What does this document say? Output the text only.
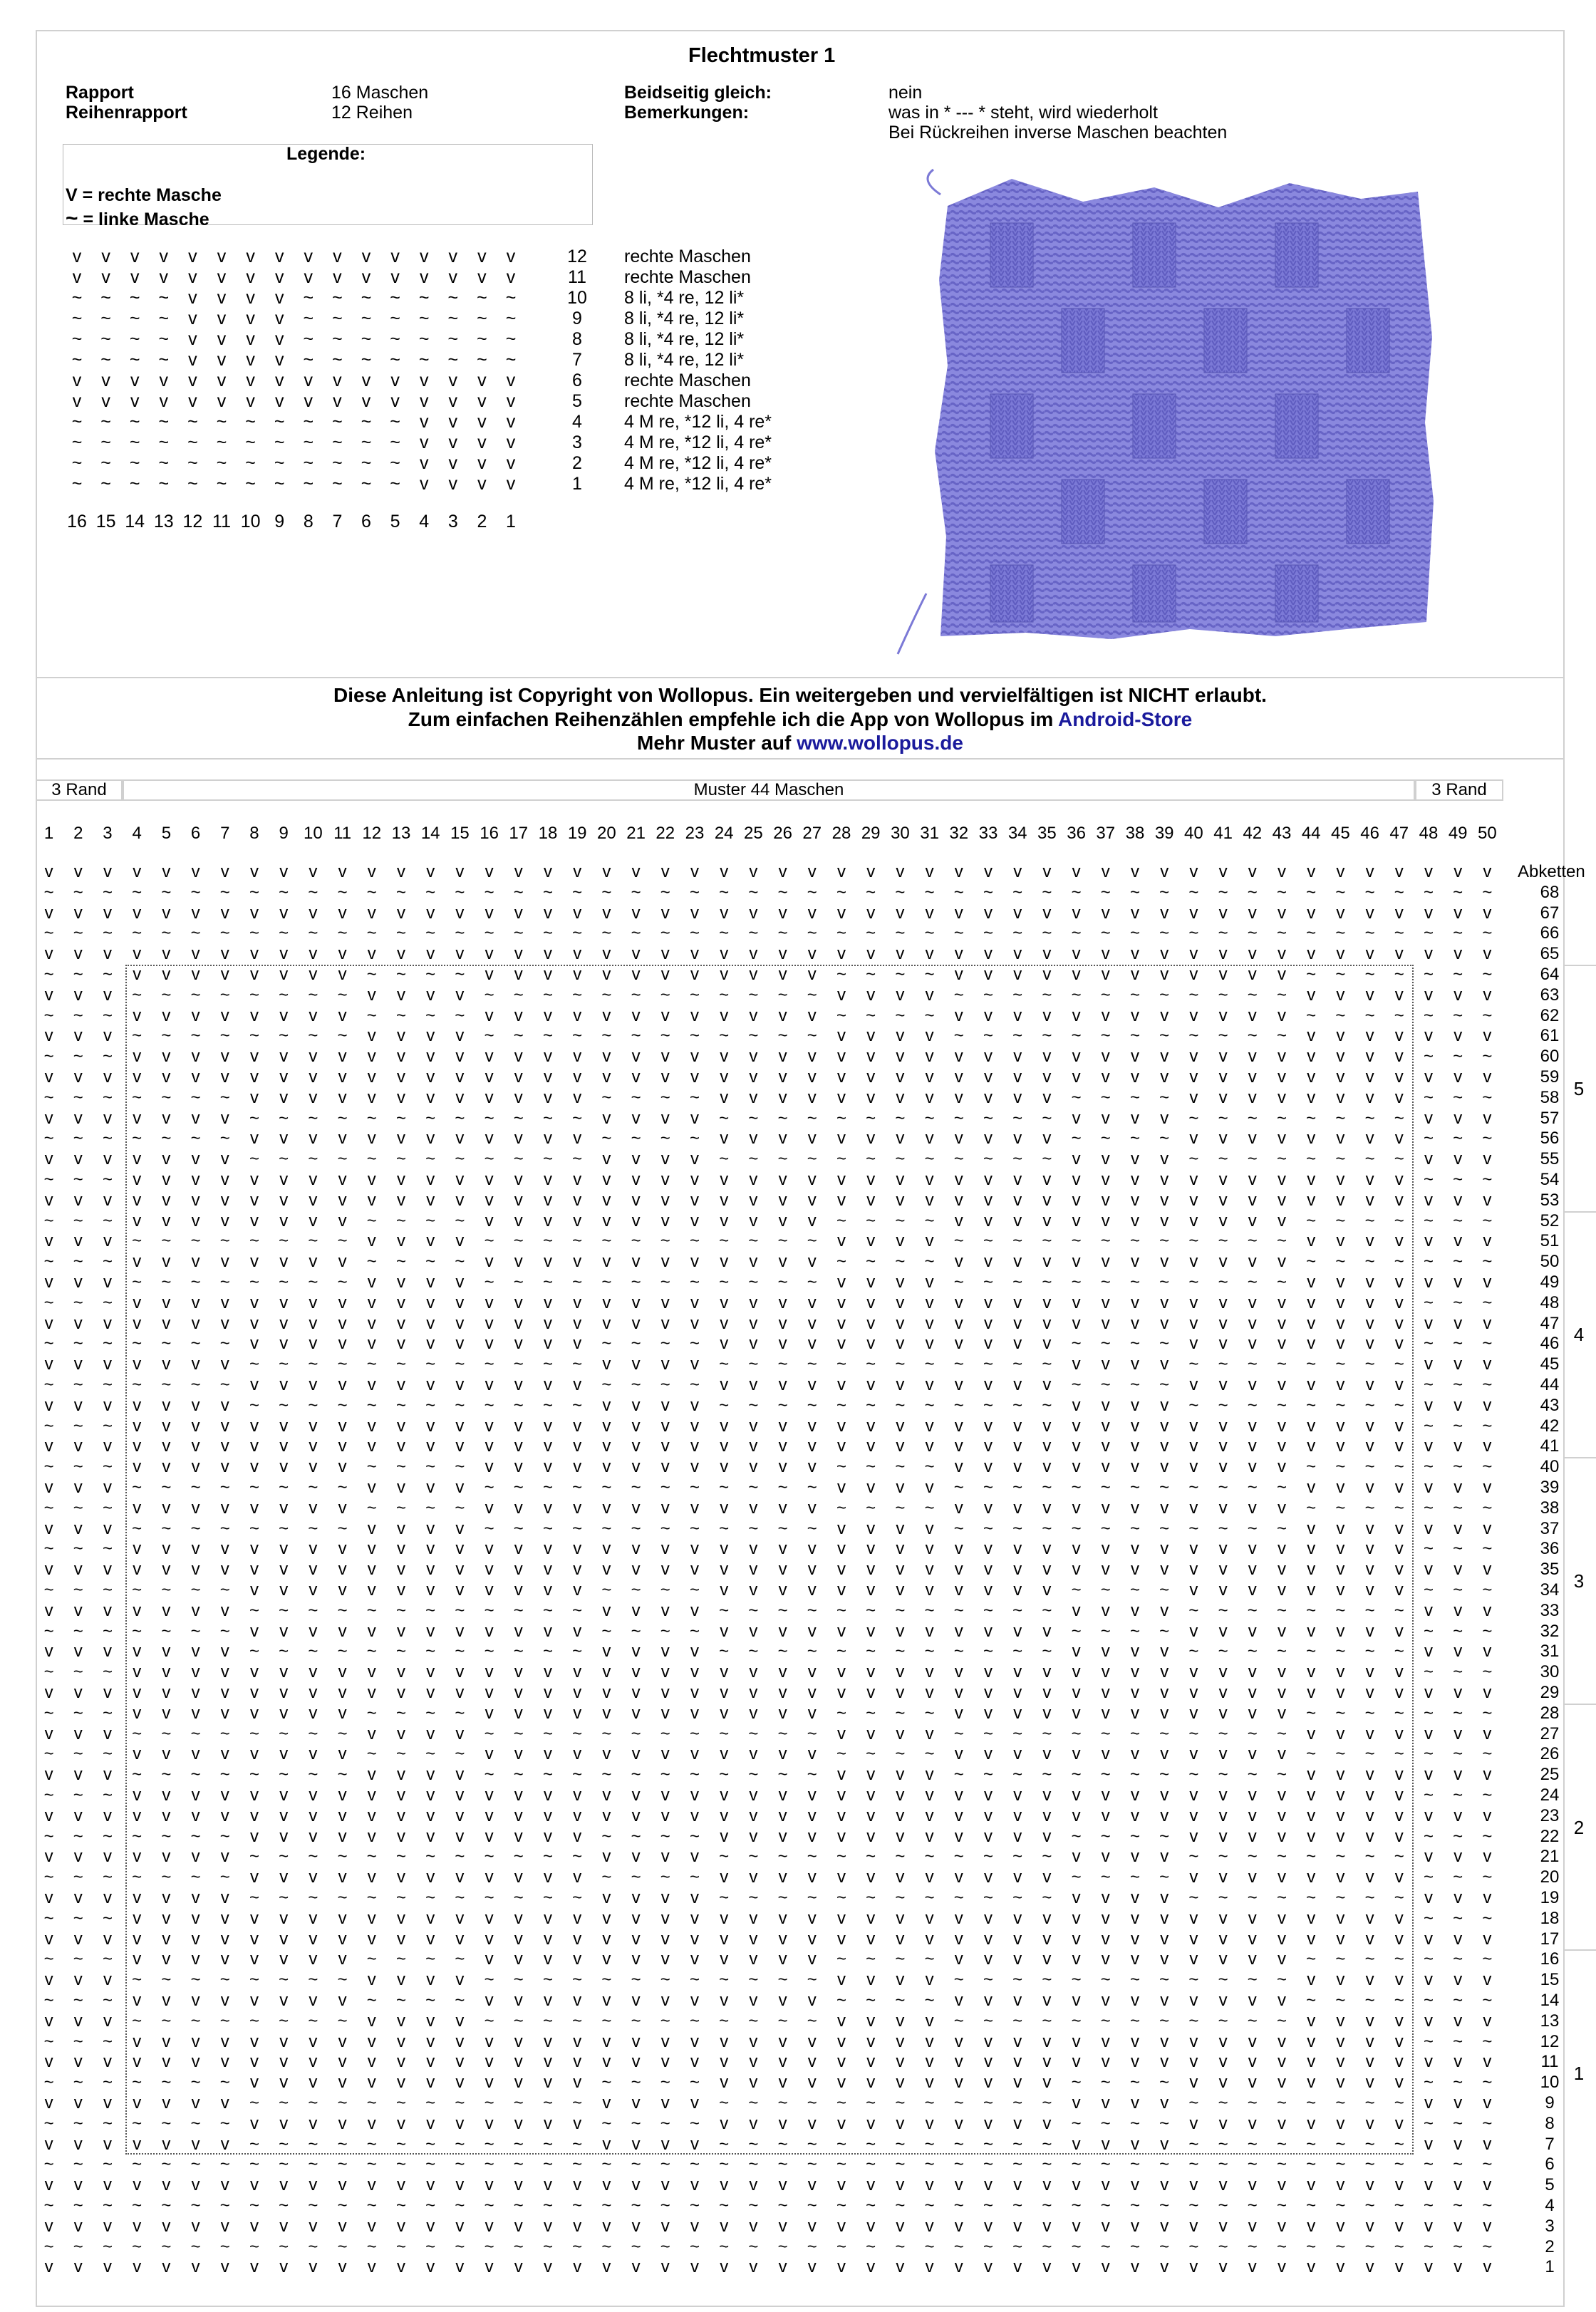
Flechtmuster 1
Rapport	16 Maschen
Reihenrapport	12 Reihen
Beidseitig gleich:	nein
Bemerkungen:	was in * --- * steht, wird wiederholt
Bei Rückreihen inverse Maschen beachten
Legende:
V = rechte Masche
~ = linke Masche
v	v	v	v	v	v	v	v	v	v	v	v	v	v	v	v	12 rechte Maschen
v	v	v	v	v	v	v	v	v	v	v	v	v	v	v	v	11 rechte Maschen
~	~	~	~	v	v	v	v	~	~	~	~	~	~	~	~	10 8 li, *4 re, 12 li*
~	~	~	~	v	v	v	v	~	~	~	~	~	~	~	~	9	8 li, *4 re, 12 li*
~	~	~	~	v	v	v	v	~	~	~	~	~	~	~	~	8	8 li, *4 re, 12 li*
~	~	~	~	v	v	v	v	~	~	~	~	~	~	~	~	7	8 li, *4 re, 12 li*
v	v	v	v	v	v	v	v	v	v	v	v	v	v	v	v	6	rechte Maschen
v	v	v	v	v	v	v	v	v	v	v	v	v	v	v	v	5	rechte Maschen
~	~	~	~	~	~	~	~	~	~	~	~	v	v	v	v	4	4 M re, *12 li, 4 re*
~	~	~	~	~	~	~	~	~	~	~	~	v	v	v	v	3	4 M re, *12 li, 4 re*
~	~	~	~	~	~	~	~	~	~	~	~	v	v	v	v	2	4 M re, *12 li, 4 re*
~	~	~	~	~	~	~	~	~	~	~	~	v	v	v	v	1	4 M re, *12 li, 4 re*
16 15 14 13 12 11 10 9	8	7	6	5	4	3	2	1
Diese Anleitung ist Copyright von Wollopus. Ein weitergeben und vervielfältigen ist NICHT erlaubt.
Zum einfachen Reihenzählen empfehle ich die App von Wollopus im Android-Store
Mehr Muster auf www.wollopus.de
3 Rand	Muster 44 Maschen	3 Rand
1	2	3	4	5	6	7	8	9 10 11 12 13 14 15 16 17 18 19 20 21 22 23 24 25 26 27 28 29 30 31 32 33 34 35 36 37 38 39 40 41 42 43 44 45 46 47 48 49 50
v	v	v	v	v	v	v	v	v	v	v	v	v	v	v	v	v	v	v	v	v	v	v	v	v	v	v	v	v	v	v	v	v	v	v	v	v	v	v	v	v	v	v	v	v	v	v	v	v	v	Abketten
~	~	~	~	~	~	~	~	~	~	~	~	~	~	~	~	~	~	~	~	~	~	~	~	~	~	~	~	~	~	~	~	~	~	~	~	~	~	~	~	~	~	~	~	~	~	~	~	~	~	68
v	v	v	v	v	v	v	v	v	v	v	v	v	v	v	v	v	v	v	v	v	v	v	v	v	v	v	v	v	v	v	v	v	v	v	v	v	v	v	v	v	v	v	v	v	v	v	v	v	v	67
~	~	~	~	~	~	~	~	~	~	~	~	~	~	~	~	~	~	~	~	~	~	~	~	~	~	~	~	~	~	~	~	~	~	~	~	~	~	~	~	~	~	~	~	~	~	~	~	~	~	66
v	v	v	v	v	v	v	v	v	v	v	v	v	v	v	v	v	v	v	v	v	v	v	v	v	v	v	v	v	v	v	v	v	v	v	v	v	v	v	v	v	v	v	v	v	v	v	v	v	v	65
~	~	~	v	v	v	v	v	v	v	v	~	~	~	~	v	v	v	v	v	v	v	v	v	v	v	v	~	~	~	~	v	v	v	v	v	v	v	v	v	v	v	v	~	~	~	~	~	~	~	64
v	v	v	~	~	~	~	~	~	~	~	v	v	v	v	~	~	~	~	~	~	~	~	~	~	~	~	v	v	v	v	~	~	~	~	~	~	~	~	~	~	~	~	v	v	v	v	v	v	v	63
~	~	~	v	v	v	v	v	v	v	v	~	~	~	~	v	v	v	v	v	v	v	v	v	v	v	v	~	~	~	~	v	v	v	v	v	v	v	v	v	v	v	v	~	~	~	~	~	~	~	62
v	v	v	~	~	~	~	~	~	~	~	v	v	v	v	~	~	~	~	~	~	~	~	~	~	~	~	v	v	v	v	~	~	~	~	~	~	~	~	~	~	~	~	v	v	v	v	v	v	v	61
~	~	~	v	v	v	v	v	v	v	v	v	v	v	v	v	v	v	v	v	v	v	v	v	v	v	v	v	v	v	v	v	v	v	v	v	v	v	v	v	v	v	v	v	v	v	v	~	~	~	60
v	v	v	v	v	v	v	v	v	v	v	v	v	v	v	v	v	v	v	v	v	v	v	v	v	v	v	v	v	v	v	v	v	v	v	v	v	v	v	v	v	v	v	v	v	v	v	v	v	v	59
~	~	~	~	~	~	~	v	v	v	v	v	v	v	v	v	v	v	v	~	~	~	~	v	v	v	v	v	v	v	v	v	v	v	v	~	~	~	~	v	v	v	v	v	v	v	v	~	~	~	58
v	v	v	v	v	v	v	~	~	~	~	~	~	~	~	~	~	~	~	v	v	v	v	~	~	~	~	~	~	~	~	~	~	~	~	v	v	v	v	~	~	~	~	~	~	~	~	v	v	v	57
~	~	~	~	~	~	~	v	v	v	v	v	v	v	v	v	v	v	v	~	~	~	~	v	v	v	v	v	v	v	v	v	v	v	v	~	~	~	~	v	v	v	v	v	v	v	v	~	~	~	56
v	v	v	v	v	v	v	~	~	~	~	~	~	~	~	~	~	~	~	v	v	v	v	~	~	~	~	~	~	~	~	~	~	~	~	v	v	v	v	~	~	~	~	~	~	~	~	v	v	v	55
~	~	~	v	v	v	v	v	v	v	v	v	v	v	v	v	v	v	v	v	v	v	v	v	v	v	v	v	v	v	v	v	v	v	v	v	v	v	v	v	v	v	v	v	v	v	v	~	~	~	54
v	v	v	v	v	v	v	v	v	v	v	v	v	v	v	v	v	v	v	v	v	v	v	v	v	v	v	v	v	v	v	v	v	v	v	v	v	v	v	v	v	v	v	v	v	v	v	v	v	v	53
~	~	~	v	v	v	v	v	v	v	v	~	~	~	~	v	v	v	v	v	v	v	v	v	v	v	v	~	~	~	~	v	v	v	v	v	v	v	v	v	v	v	v	~	~	~	~	~	~	~	52
v	v	v	~	~	~	~	~	~	~	~	v	v	v	v	~	~	~	~	~	~	~	~	~	~	~	~	v	v	v	v	~	~	~	~	~	~	~	~	~	~	~	~	v	v	v	v	v	v	v	51
~	~	~	v	v	v	v	v	v	v	v	~	~	~	~	v	v	v	v	v	v	v	v	v	v	v	v	~	~	~	~	v	v	v	v	v	v	v	v	v	v	v	v	~	~	~	~	~	~	~	50
v	v	v	~	~	~	~	~	~	~	~	v	v	v	v	~	~	~	~	~	~	~	~	~	~	~	~	v	v	v	v	~	~	~	~	~	~	~	~	~	~	~	~	v	v	v	v	v	v	v	49
~	~	~	v	v	v	v	v	v	v	v	v	v	v	v	v	v	v	v	v	v	v	v	v	v	v	v	v	v	v	v	v	v	v	v	v	v	v	v	v	v	v	v	v	v	v	v	~	~	~	48
v	v	v	v	v	v	v	v	v	v	v	v	v	v	v	v	v	v	v	v	v	v	v	v	v	v	v	v	v	v	v	v	v	v	v	v	v	v	v	v	v	v	v	v	v	v	v	v	v	v	47
~	~	~	~	~	~	~	v	v	v	v	v	v	v	v	v	v	v	v	~	~	~	~	v	v	v	v	v	v	v	v	v	v	v	v	~	~	~	~	v	v	v	v	v	v	v	v	~	~	~	46
v	v	v	v	v	v	v	~	~	~	~	~	~	~	~	~	~	~	~	v	v	v	v	~	~	~	~	~	~	~	~	~	~	~	~	v	v	v	v	~	~	~	~	~	~	~	~	v	v	v	45
~	~	~	~	~	~	~	v	v	v	v	v	v	v	v	v	v	v	v	~	~	~	~	v	v	v	v	v	v	v	v	v	v	v	v	~	~	~	~	v	v	v	v	v	v	v	v	~	~	~	44
v	v	v	v	v	v	v	~	~	~	~	~	~	~	~	~	~	~	~	v	v	v	v	~	~	~	~	~	~	~	~	~	~	~	~	v	v	v	v	~	~	~	~	~	~	~	~	v	v	v	43
~	~	~	v	v	v	v	v	v	v	v	v	v	v	v	v	v	v	v	v	v	v	v	v	v	v	v	v	v	v	v	v	v	v	v	v	v	v	v	v	v	v	v	v	v	v	v	~	~	~	42
v	v	v	v	v	v	v	v	v	v	v	v	v	v	v	v	v	v	v	v	v	v	v	v	v	v	v	v	v	v	v	v	v	v	v	v	v	v	v	v	v	v	v	v	v	v	v	v	v	v	41
~	~	~	v	v	v	v	v	v	v	v	~	~	~	~	v	v	v	v	v	v	v	v	v	v	v	v	~	~	~	~	v	v	v	v	v	v	v	v	v	v	v	v	~	~	~	~	~	~	~	40
v	v	v	~	~	~	~	~	~	~	~	v	v	v	v	~	~	~	~	~	~	~	~	~	~	~	~	v	v	v	v	~	~	~	~	~	~	~	~	~	~	~	~	v	v	v	v	v	v	v	39
~	~	~	v	v	v	v	v	v	v	v	~	~	~	~	v	v	v	v	v	v	v	v	v	v	v	v	~	~	~	~	v	v	v	v	v	v	v	v	v	v	v	v	~	~	~	~	~	~	~	38
v	v	v	~	~	~	~	~	~	~	~	v	v	v	v	~	~	~	~	~	~	~	~	~	~	~	~	v	v	v	v	~	~	~	~	~	~	~	~	~	~	~	~	v	v	v	v	v	v	v	37
~	~	~	v	v	v	v	v	v	v	v	v	v	v	v	v	v	v	v	v	v	v	v	v	v	v	v	v	v	v	v	v	v	v	v	v	v	v	v	v	v	v	v	v	v	v	v	~	~	~	36
v	v	v	v	v	v	v	v	v	v	v	v	v	v	v	v	v	v	v	v	v	v	v	v	v	v	v	v	v	v	v	v	v	v	v	v	v	v	v	v	v	v	v	v	v	v	v	v	v	v	35
~	~	~	~	~	~	~	v	v	v	v	v	v	v	v	v	v	v	v	~	~	~	~	v	v	v	v	v	v	v	v	v	v	v	v	~	~	~	~	v	v	v	v	v	v	v	v	~	~	~	34
v	v	v	v	v	v	v	~	~	~	~	~	~	~	~	~	~	~	~	v	v	v	v	~	~	~	~	~	~	~	~	~	~	~	~	v	v	v	v	~	~	~	~	~	~	~	~	v	v	v	33
~	~	~	~	~	~	~	v	v	v	v	v	v	v	v	v	v	v	v	~	~	~	~	v	v	v	v	v	v	v	v	v	v	v	v	~	~	~	~	v	v	v	v	v	v	v	v	~	~	~	32
v	v	v	v	v	v	v	~	~	~	~	~	~	~	~	~	~	~	~	v	v	v	v	~	~	~	~	~	~	~	~	~	~	~	~	v	v	v	v	~	~	~	~	~	~	~	~	v	v	v	31
~	~	~	v	v	v	v	v	v	v	v	v	v	v	v	v	v	v	v	v	v	v	v	v	v	v	v	v	v	v	v	v	v	v	v	v	v	v	v	v	v	v	v	v	v	v	v	~	~	~	30
v	v	v	v	v	v	v	v	v	v	v	v	v	v	v	v	v	v	v	v	v	v	v	v	v	v	v	v	v	v	v	v	v	v	v	v	v	v	v	v	v	v	v	v	v	v	v	v	v	v	29
~	~	~	v	v	v	v	v	v	v	v	~	~	~	~	v	v	v	v	v	v	v	v	v	v	v	v	~	~	~	~	v	v	v	v	v	v	v	v	v	v	v	v	~	~	~	~	~	~	~	28
v	v	v	~	~	~	~	~	~	~	~	v	v	v	v	~	~	~	~	~	~	~	~	~	~	~	~	v	v	v	v	~	~	~	~	~	~	~	~	~	~	~	~	v	v	v	v	v	v	v	27
~	~	~	v	v	v	v	v	v	v	v	~	~	~	~	v	v	v	v	v	v	v	v	v	v	v	v	~	~	~	~	v	v	v	v	v	v	v	v	v	v	v	v	~	~	~	~	~	~	~	26
v	v	v	~	~	~	~	~	~	~	~	v	v	v	v	~	~	~	~	~	~	~	~	~	~	~	~	v	v	v	v	~	~	~	~	~	~	~	~	~	~	~	~	v	v	v	v	v	v	v	25
~	~	~	v	v	v	v	v	v	v	v	v	v	v	v	v	v	v	v	v	v	v	v	v	v	v	v	v	v	v	v	v	v	v	v	v	v	v	v	v	v	v	v	v	v	v	v	~	~	~	24
v	v	v	v	v	v	v	v	v	v	v	v	v	v	v	v	v	v	v	v	v	v	v	v	v	v	v	v	v	v	v	v	v	v	v	v	v	v	v	v	v	v	v	v	v	v	v	v	v	v	23
~	~	~	~	~	~	~	v	v	v	v	v	v	v	v	v	v	v	v	~	~	~	~	v	v	v	v	v	v	v	v	v	v	v	v	~	~	~	~	v	v	v	v	v	v	v	v	~	~	~	22
v	v	v	v	v	v	v	~	~	~	~	~	~	~	~	~	~	~	~	v	v	v	v	~	~	~	~	~	~	~	~	~	~	~	~	v	v	v	v	~	~	~	~	~	~	~	~	v	v	v	21
~	~	~	~	~	~	~	v	v	v	v	v	v	v	v	v	v	v	v	~	~	~	~	v	v	v	v	v	v	v	v	v	v	v	v	~	~	~	~	v	v	v	v	v	v	v	v	~	~	~	20
v	v	v	v	v	v	v	~	~	~	~	~	~	~	~	~	~	~	~	v	v	v	v	~	~	~	~	~	~	~	~	~	~	~	~	v	v	v	v	~	~	~	~	~	~	~	~	v	v	v	19
~	~	~	v	v	v	v	v	v	v	v	v	v	v	v	v	v	v	v	v	v	v	v	v	v	v	v	v	v	v	v	v	v	v	v	v	v	v	v	v	v	v	v	v	v	v	v	~	~	~	18
v	v	v	v	v	v	v	v	v	v	v	v	v	v	v	v	v	v	v	v	v	v	v	v	v	v	v	v	v	v	v	v	v	v	v	v	v	v	v	v	v	v	v	v	v	v	v	v	v	v	17
~	~	~	v	v	v	v	v	v	v	v	~	~	~	~	v	v	v	v	v	v	v	v	v	v	v	v	~	~	~	~	v	v	v	v	v	v	v	v	v	v	v	v	~	~	~	~	~	~	~	16
v	v	v	~	~	~	~	~	~	~	~	v	v	v	v	~	~	~	~	~	~	~	~	~	~	~	~	v	v	v	v	~	~	~	~	~	~	~	~	~	~	~	~	v	v	v	v	v	v	v	15
~	~	~	v	v	v	v	v	v	v	v	~	~	~	~	v	v	v	v	v	v	v	v	v	v	v	v	~	~	~	~	v	v	v	v	v	v	v	v	v	v	v	v	~	~	~	~	~	~	~	14
v	v	v	~	~	~	~	~	~	~	~	v	v	v	v	~	~	~	~	~	~	~	~	~	~	~	~	v	v	v	v	~	~	~	~	~	~	~	~	~	~	~	~	v	v	v	v	v	v	v	13
~	~	~	v	v	v	v	v	v	v	v	v	v	v	v	v	v	v	v	v	v	v	v	v	v	v	v	v	v	v	v	v	v	v	v	v	v	v	v	v	v	v	v	v	v	v	v	~	~	~	12
v	v	v	v	v	v	v	v	v	v	v	v	v	v	v	v	v	v	v	v	v	v	v	v	v	v	v	v	v	v	v	v	v	v	v	v	v	v	v	v	v	v	v	v	v	v	v	v	v	v	11
~	~	~	~	~	~	~	v	v	v	v	v	v	v	v	v	v	v	v	~	~	~	~	v	v	v	v	v	v	v	v	v	v	v	v	~	~	~	~	v	v	v	v	v	v	v	v	~	~	~	10
v	v	v	v	v	v	v	~	~	~	~	~	~	~	~	~	~	~	~	v	v	v	v	~	~	~	~	~	~	~	~	~	~	~	~	v	v	v	v	~	~	~	~	~	~	~	~	v	v	v	9
~	~	~	~	~	~	~	v	v	v	v	v	v	v	v	v	v	v	v	~	~	~	~	v	v	v	v	v	v	v	v	v	v	v	v	~	~	~	~	v	v	v	v	v	v	v	v	~	~	~	8
v	v	v	v	v	v	v	~	~	~	~	~	~	~	~	~	~	~	~	v	v	v	v	~	~	~	~	~	~	~	~	~	~	~	~	v	v	v	v	~	~	~	~	~	~	~	~	v	v	v	7
~	~	~	~	~	~	~	~	~	~	~	~	~	~	~	~	~	~	~	~	~	~	~	~	~	~	~	~	~	~	~	~	~	~	~	~	~	~	~	~	~	~	~	~	~	~	~	~	~	~	6
v	v	v	v	v	v	v	v	v	v	v	v	v	v	v	v	v	v	v	v	v	v	v	v	v	v	v	v	v	v	v	v	v	v	v	v	v	v	v	v	v	v	v	v	v	v	v	v	v	v	5
~	~	~	~	~	~	~	~	~	~	~	~	~	~	~	~	~	~	~	~	~	~	~	~	~	~	~	~	~	~	~	~	~	~	~	~	~	~	~	~	~	~	~	~	~	~	~	~	~	~	4
v	v	v	v	v	v	v	v	v	v	v	v	v	v	v	v	v	v	v	v	v	v	v	v	v	v	v	v	v	v	v	v	v	v	v	v	v	v	v	v	v	v	v	v	v	v	v	v	v	v	3
~	~	~	~	~	~	~	~	~	~	~	~	~	~	~	~	~	~	~	~	~	~	~	~	~	~	~	~	~	~	~	~	~	~	~	~	~	~	~	~	~	~	~	~	~	~	~	~	~	~	2
v	v	v	v	v	v	v	v	v	v	v	v	v	v	v	v	v	v	v	v	v	v	v	v	v	v	v	v	v	v	v	v	v	v	v	v	v	v	v	v	v	v	v	v	v	v	v	v	v	v	1
5
4
3
2
1
